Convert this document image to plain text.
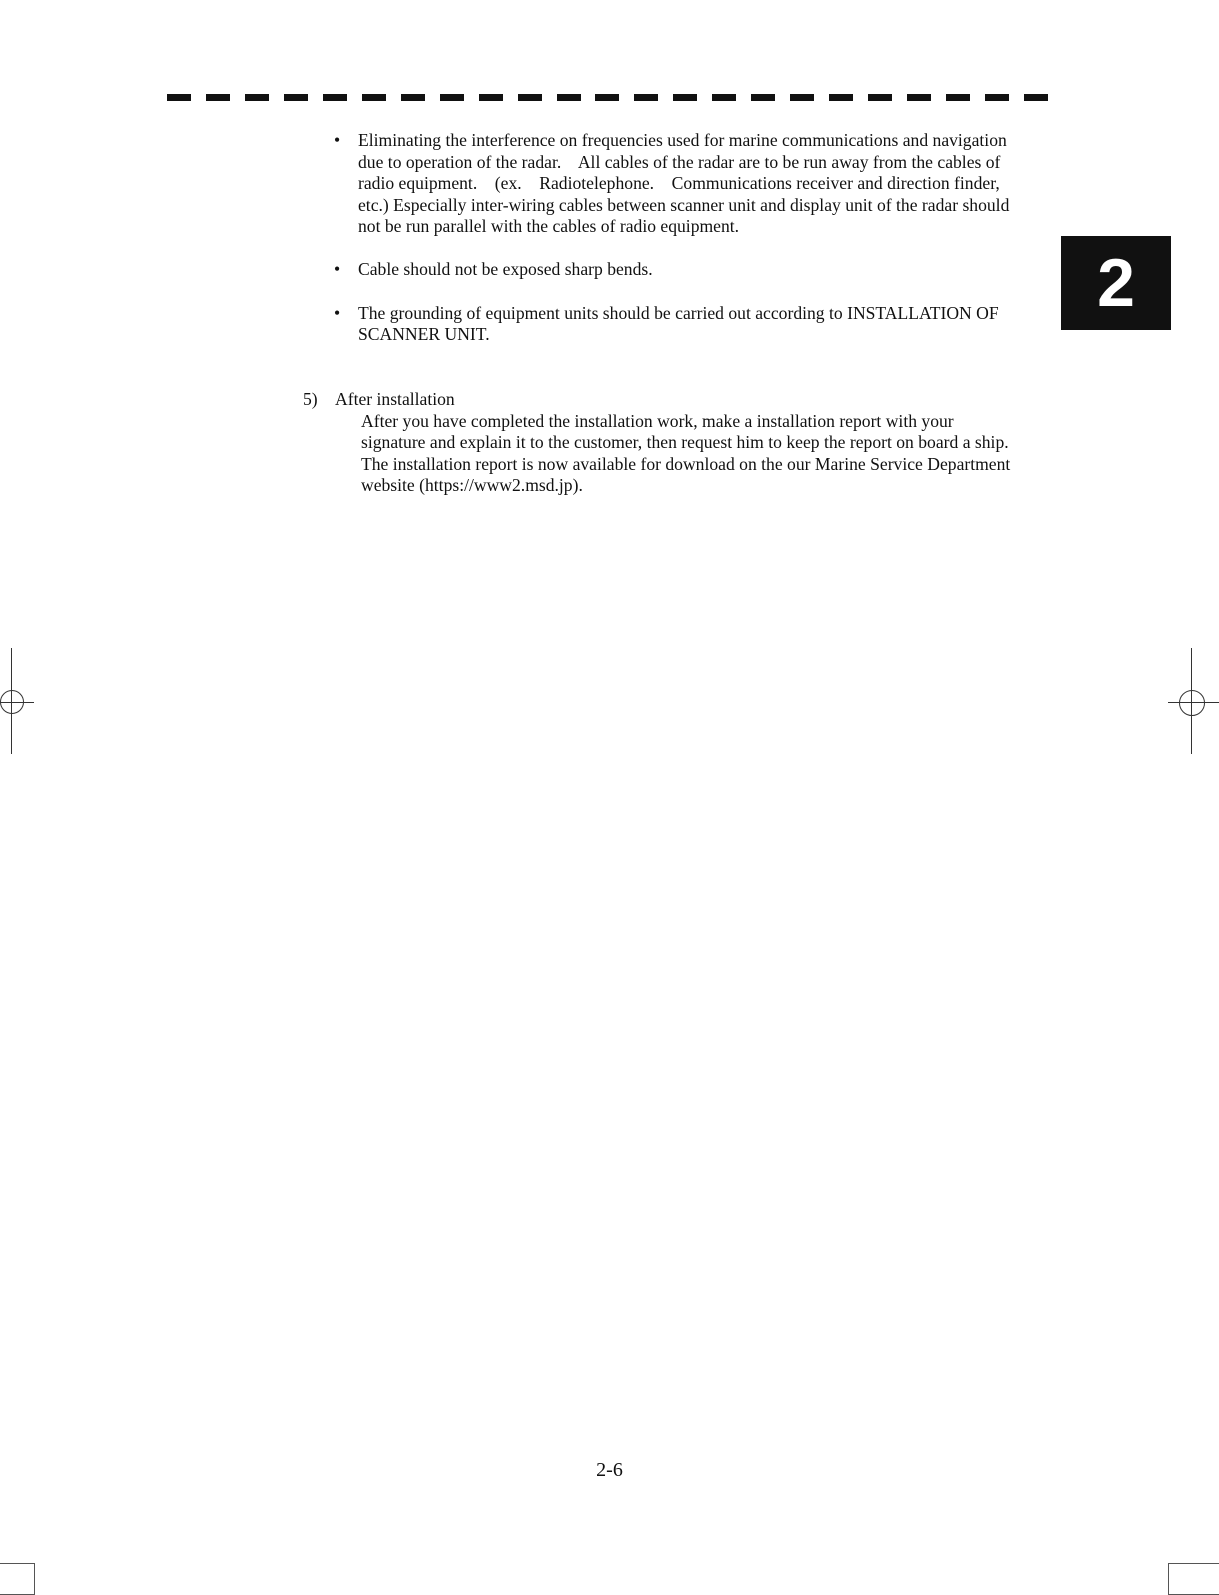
• Eliminating the interference on frequencies used for marine communications and navigation
due to operation of the radar.    All cables of the radar are to be run away from the cables of
radio equipment.    (ex.    Radiotelephone.    Communications receiver and direction finder,
etc.) Especially inter-wiring cables between scanner unit and display unit of the radar should
not be run parallel with the cables of radio equipment.
• Cable should not be exposed sharp bends.
• The grounding of equipment units should be carried out according to INSTALLATION OF
SCANNER UNIT.
5) After installation
After you have completed the installation work, make a installation report with your
signature and explain it to the customer, then request him to keep the report on board a ship.
The installation report is now available for download on the our Marine Service Department
website (https://www2.msd.jp).
2
2-6
